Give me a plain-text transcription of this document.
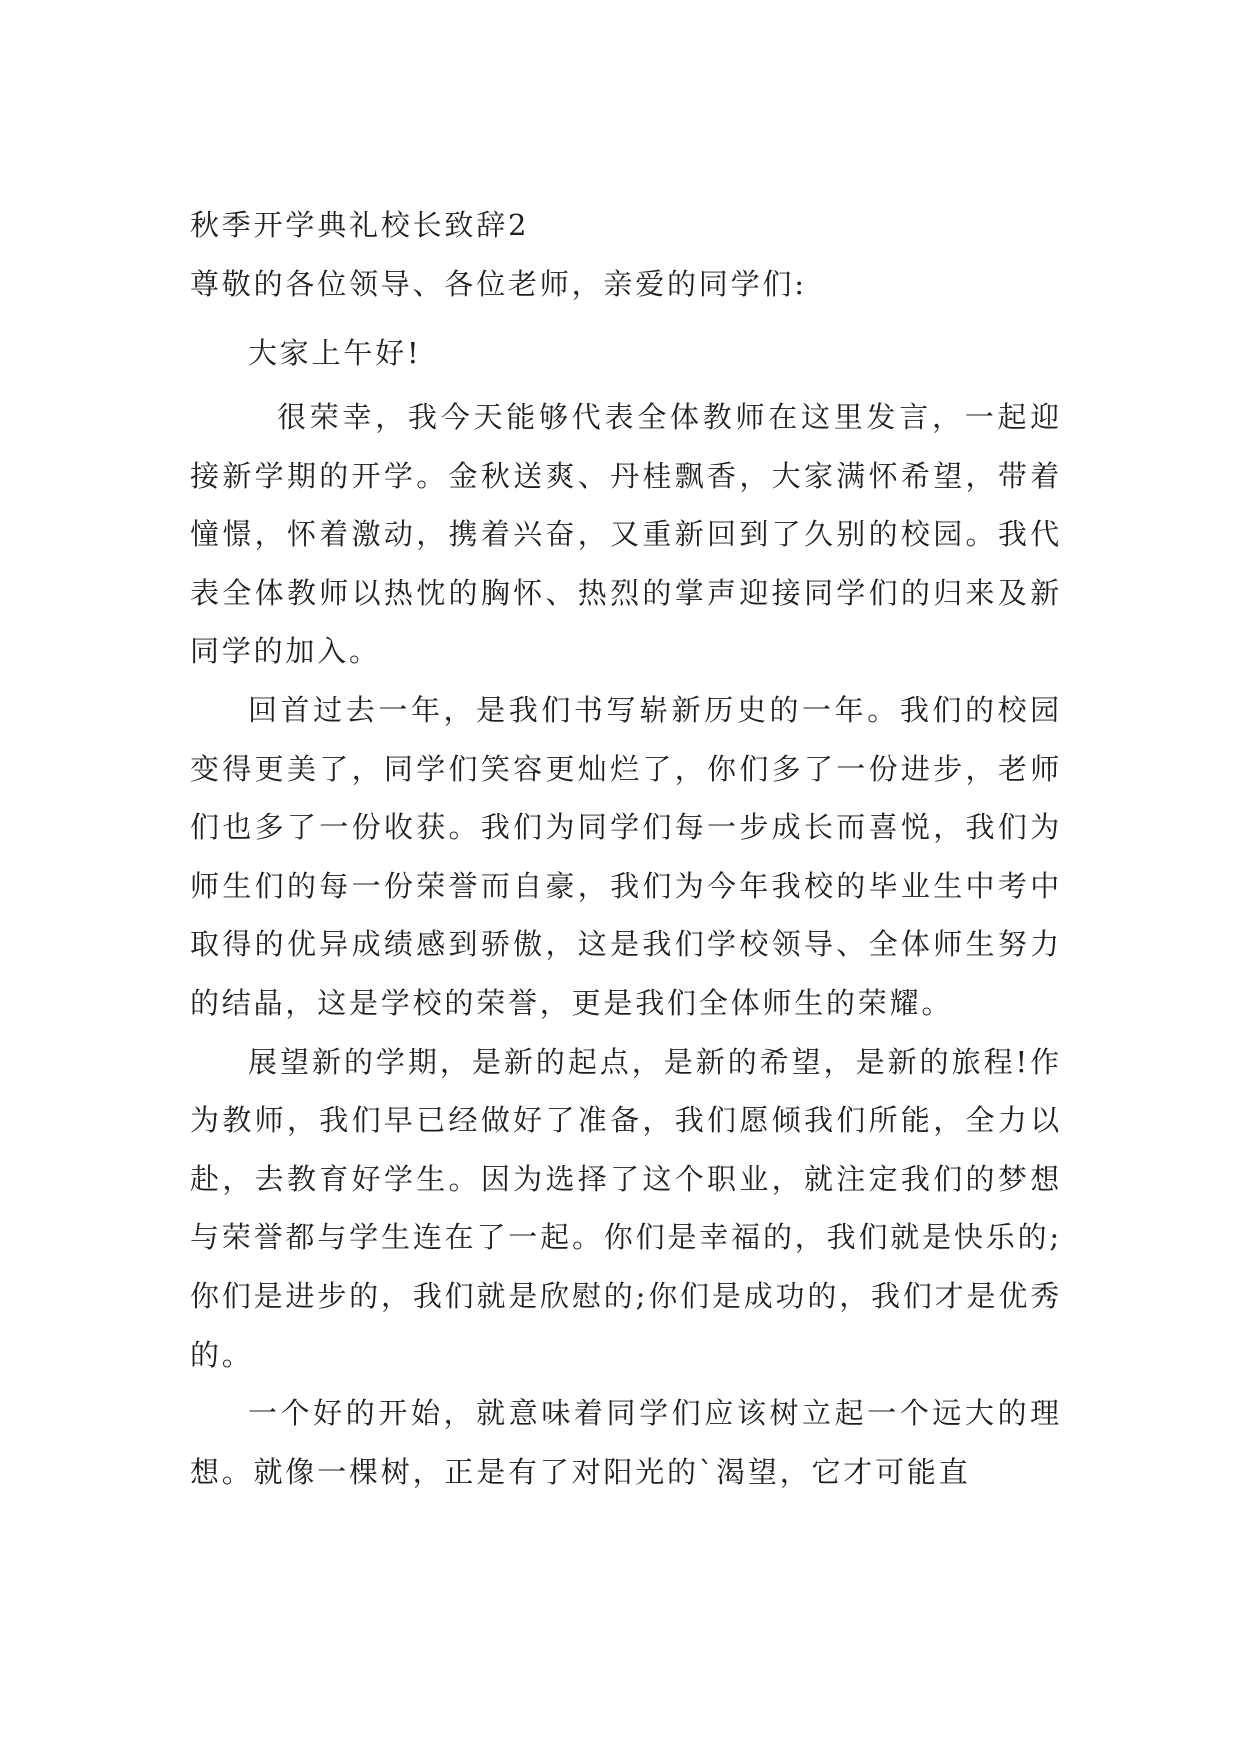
秋季开学典礼校长致辞2

尊敬的各位领导、各位老师，亲爱的同学们:

大家上午好!

很荣幸，我今天能够代表全体教师在这里发言，一起迎接新学期的开学。金秋送爽、丹桂飘香，大家满怀希望，带着憧憬，怀着激动，携着兴奋，又重新回到了久别的校园。我代表全体教师以热忱的胸怀、热烈的掌声迎接同学们的归来及新同学的加入。

回首过去一年，是我们书写崭新历史的一年。我们的校园变得更美了，同学们笑容更灿烂了，你们多了一份进步，老师们也多了一份收获。我们为同学们每一步成长而喜悦，我们为师生们的每一份荣誉而自豪，我们为今年我校的毕业生中考中取得的优异成绩感到骄傲，这是我们学校领导、全体师生努力的结晶，这是学校的荣誉，更是我们全体师生的荣耀。

展望新的学期，是新的起点，是新的希望，是新的旅程!作为教师，我们早已经做好了准备，我们愿倾我们所能，全力以赴，去教育好学生。因为选择了这个职业，就注定我们的梦想与荣誉都与学生连在了一起。你们是幸福的，我们就是快乐的;你们是进步的，我们就是欣慰的;你们是成功的，我们才是优秀的。

一个好的开始，就意味着同学们应该树立起一个远大的理想。就像一棵树，正是有了对阳光的`渴望，它才可能直
